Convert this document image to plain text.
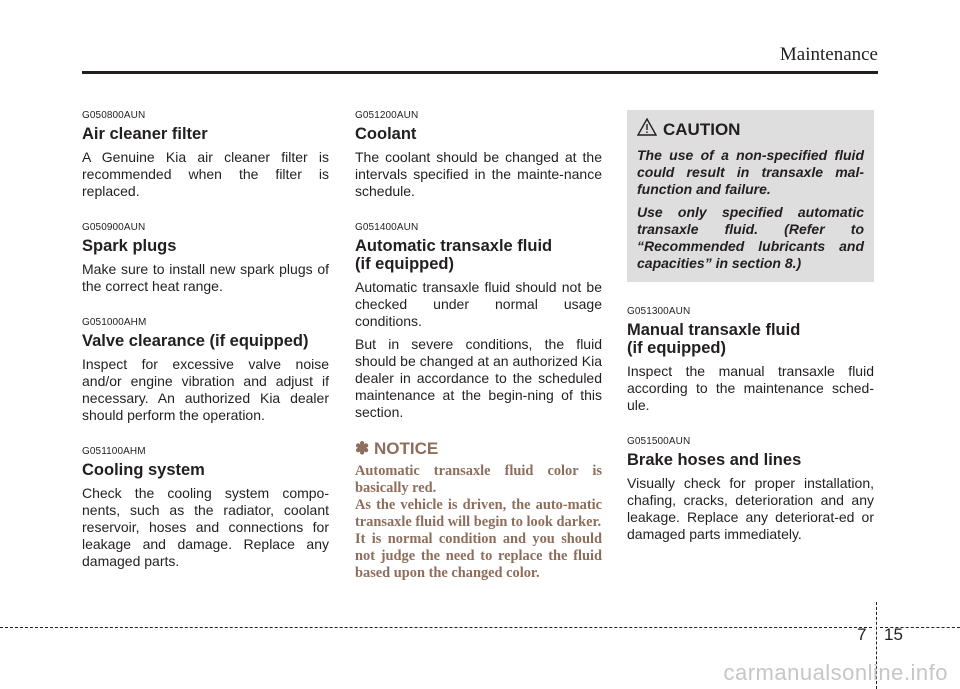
Maintenance

G050800AUN

Air cleaner filter

A Genuine Kia air cleaner filter is recommended when the filter is replaced.

G050900AUN

Spark plugs

Make sure to install new spark plugs of the correct heat range.

G051000AHM

Valve clearance (if equipped)

Inspect for excessive valve noise and/or engine vibration and adjust if necessary. An authorized Kia dealer should perform the operation.

G051100AHM

Cooling system

Check the cooling system compo-nents, such as the radiator, coolant reservoir, hoses and connections for leakage and damage. Replace any damaged parts.

G051200AUN

Coolant

The coolant should be changed at the intervals specified in the mainte-nance schedule.

G051400AUN

Automatic transaxle fluid
(if equipped)

Automatic transaxle fluid should not be checked under normal usage conditions.

But in severe conditions, the fluid should be changed at an authorized Kia dealer in accordance to the scheduled maintenance at the begin-ning of this section.

✽ NOTICE

Automatic transaxle fluid color is basically red.

As the vehicle is driven, the auto-matic transaxle fluid will begin to look darker.

It is normal condition and you should not judge the need to replace the fluid based upon the changed color.

CAUTION

The use of a non-specified fluid could result in transaxle mal-function and failure.

Use only specified automatic transaxle fluid. (Refer to “Recommended lubricants and capacities” in section 8.)

G051300AUN

Manual transaxle fluid
(if equipped)

Inspect the manual transaxle fluid according to the maintenance sched-ule.

G051500AUN

Brake hoses and lines

Visually check for proper installation, chafing, cracks, deterioration and any leakage. Replace any deteriorat-ed or damaged parts immediately.

7 15
carmanualsonline.info
